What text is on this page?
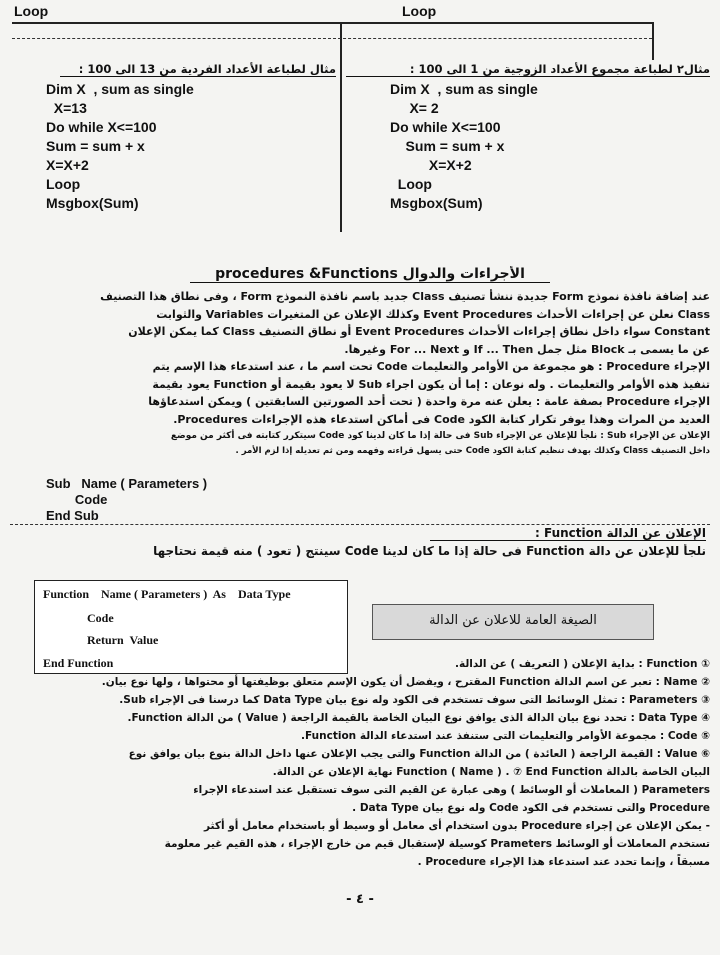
Loop	Loop
مثال لطباعة الأعداد الفردية من 13 الى 100 :
Dim X  , sum as single
X=13
Do while X<=100
Sum = sum + x
X=X+2
Loop
Msgbox(Sum)
مثال٢ لطباعة مجموع الأعداد الزوجية من 1 الى 100 :
Dim X  , sum as single
X= 2
Do while X<=100
Sum = sum + x
X=X+2
Loop
Msgbox(Sum)
الأجراءات والدوال procedures &Functions
عند إضافة نافذة نموذج Form جديدة ننشأ تصنيف Class جديد باسم نافذة النموذج Form ، وفى نطاق هذا التصنيف
Class نعلن عن إجراءات الأحداث Event Procedures وكذلك الإعلان عن المتغيرات Variables والثوابت
Constant سواء داخل نطاق إجراءات الأحداث Event Procedures أو نطاق التصنيف Class كما يمكن الإعلان
عن ما يسمى بـ Block مثل جمل If ... Then و For ... Next وغيرها.
الإجراء Procedure : هو مجموعة من الأوامر والتعليمات Code تحت اسم ما ، عند استدعاء هذا الإسم يتم
تنفيذ هذه الأوامر والتعليمات . وله نوعان : إما أن يكون اجراء Sub لا يعود بقيمة أو Function يعود بقيمة
الإجراء Procedure بصفة عامة : يعلن عنه مرة واحدة ( تحت أحد الصورتين السابقتين ) ويمكن استدعاؤها
العديد من المرات وهذا يوفر تكرار كتابة الكود Code فى أماكن استدعاء هذه الإجراءات Procedures.
الإعلان عن الإجراء Sub : نلجأ للإعلان عن الإجراء Sub فى حالة إذا ما كان لدينا كود Code سيتكرر كتابته فى أكثر من موضع
داخل التصنيف Class وكذلك بهدف تنظيم كتابة الكود Code حتى يسهل قراءته وفهمه ومن ثم تعديله إذا لزم الأمر .
Sub   Name ( Parameters )
Code
End Sub
الإعلان عن الدالة Function :
نلجأ للإعلان عن دالة Function فى حالة إذا ما كان لدينا Code سينتج ( تعود ) منه قيمة نحتاجها
Function    Name ( Parameters )  As    Data Type
Code
Return  Value
End Function
الصيغة العامة للاعلان عن الدالة
① Function : بداية الإعلان ( التعريف ) عن الدالة.
② Name : تعبر عن اسم الدالة Function المقترح ، ويفضل أن يكون الإسم متعلق بوظيفتها أو محتواها ، ولها نوع بيان.
③ Parameters : تمثل الوسائط التى سوف تستخدم فى الكود وله نوع بيان Data Type كما درسنا فى الإجراء Sub.
④ Data Type : تحدد نوع بيان الدالة الذى يوافق نوع البيان الخاصة بالقيمة الراجعة ( Value ) من الدالة Function.
⑤ Code : مجموعة الأوامر والتعليمات التى ستنفذ عند استدعاء الدالة Function.
⑥ Value : القيمة الراجعة ( العائدة ) من الدالة Function والتى يجب الإعلان عنها داخل الدالة بنوع بيان يوافق نوع
البيان الخاصة بالدالة Function ( Name ) . ⑦ End Function نهاية الإعلان عن الدالة.
Parameters ( المعاملات أو الوسائط ) وهى عبارة عن القيم التى سوف تستقبل عند استدعاء الإجراء
Procedure والتى تستخدم فى الكود Code وله نوع بيان Data Type .
- يمكن الإعلان عن إجراء Procedure بدون استخدام أى معامل أو وسيط أو باستخدام معامل أو أكثر
تستخدم المعاملات أو الوسائط Prameters كوسيلة لإستقبال قيم من خارج الإجراء ، هذه القيم غير معلومة
مسبقاً ، وإنما تحدد عند استدعاء هذا الإجراء Procedure .
- ٤ -
